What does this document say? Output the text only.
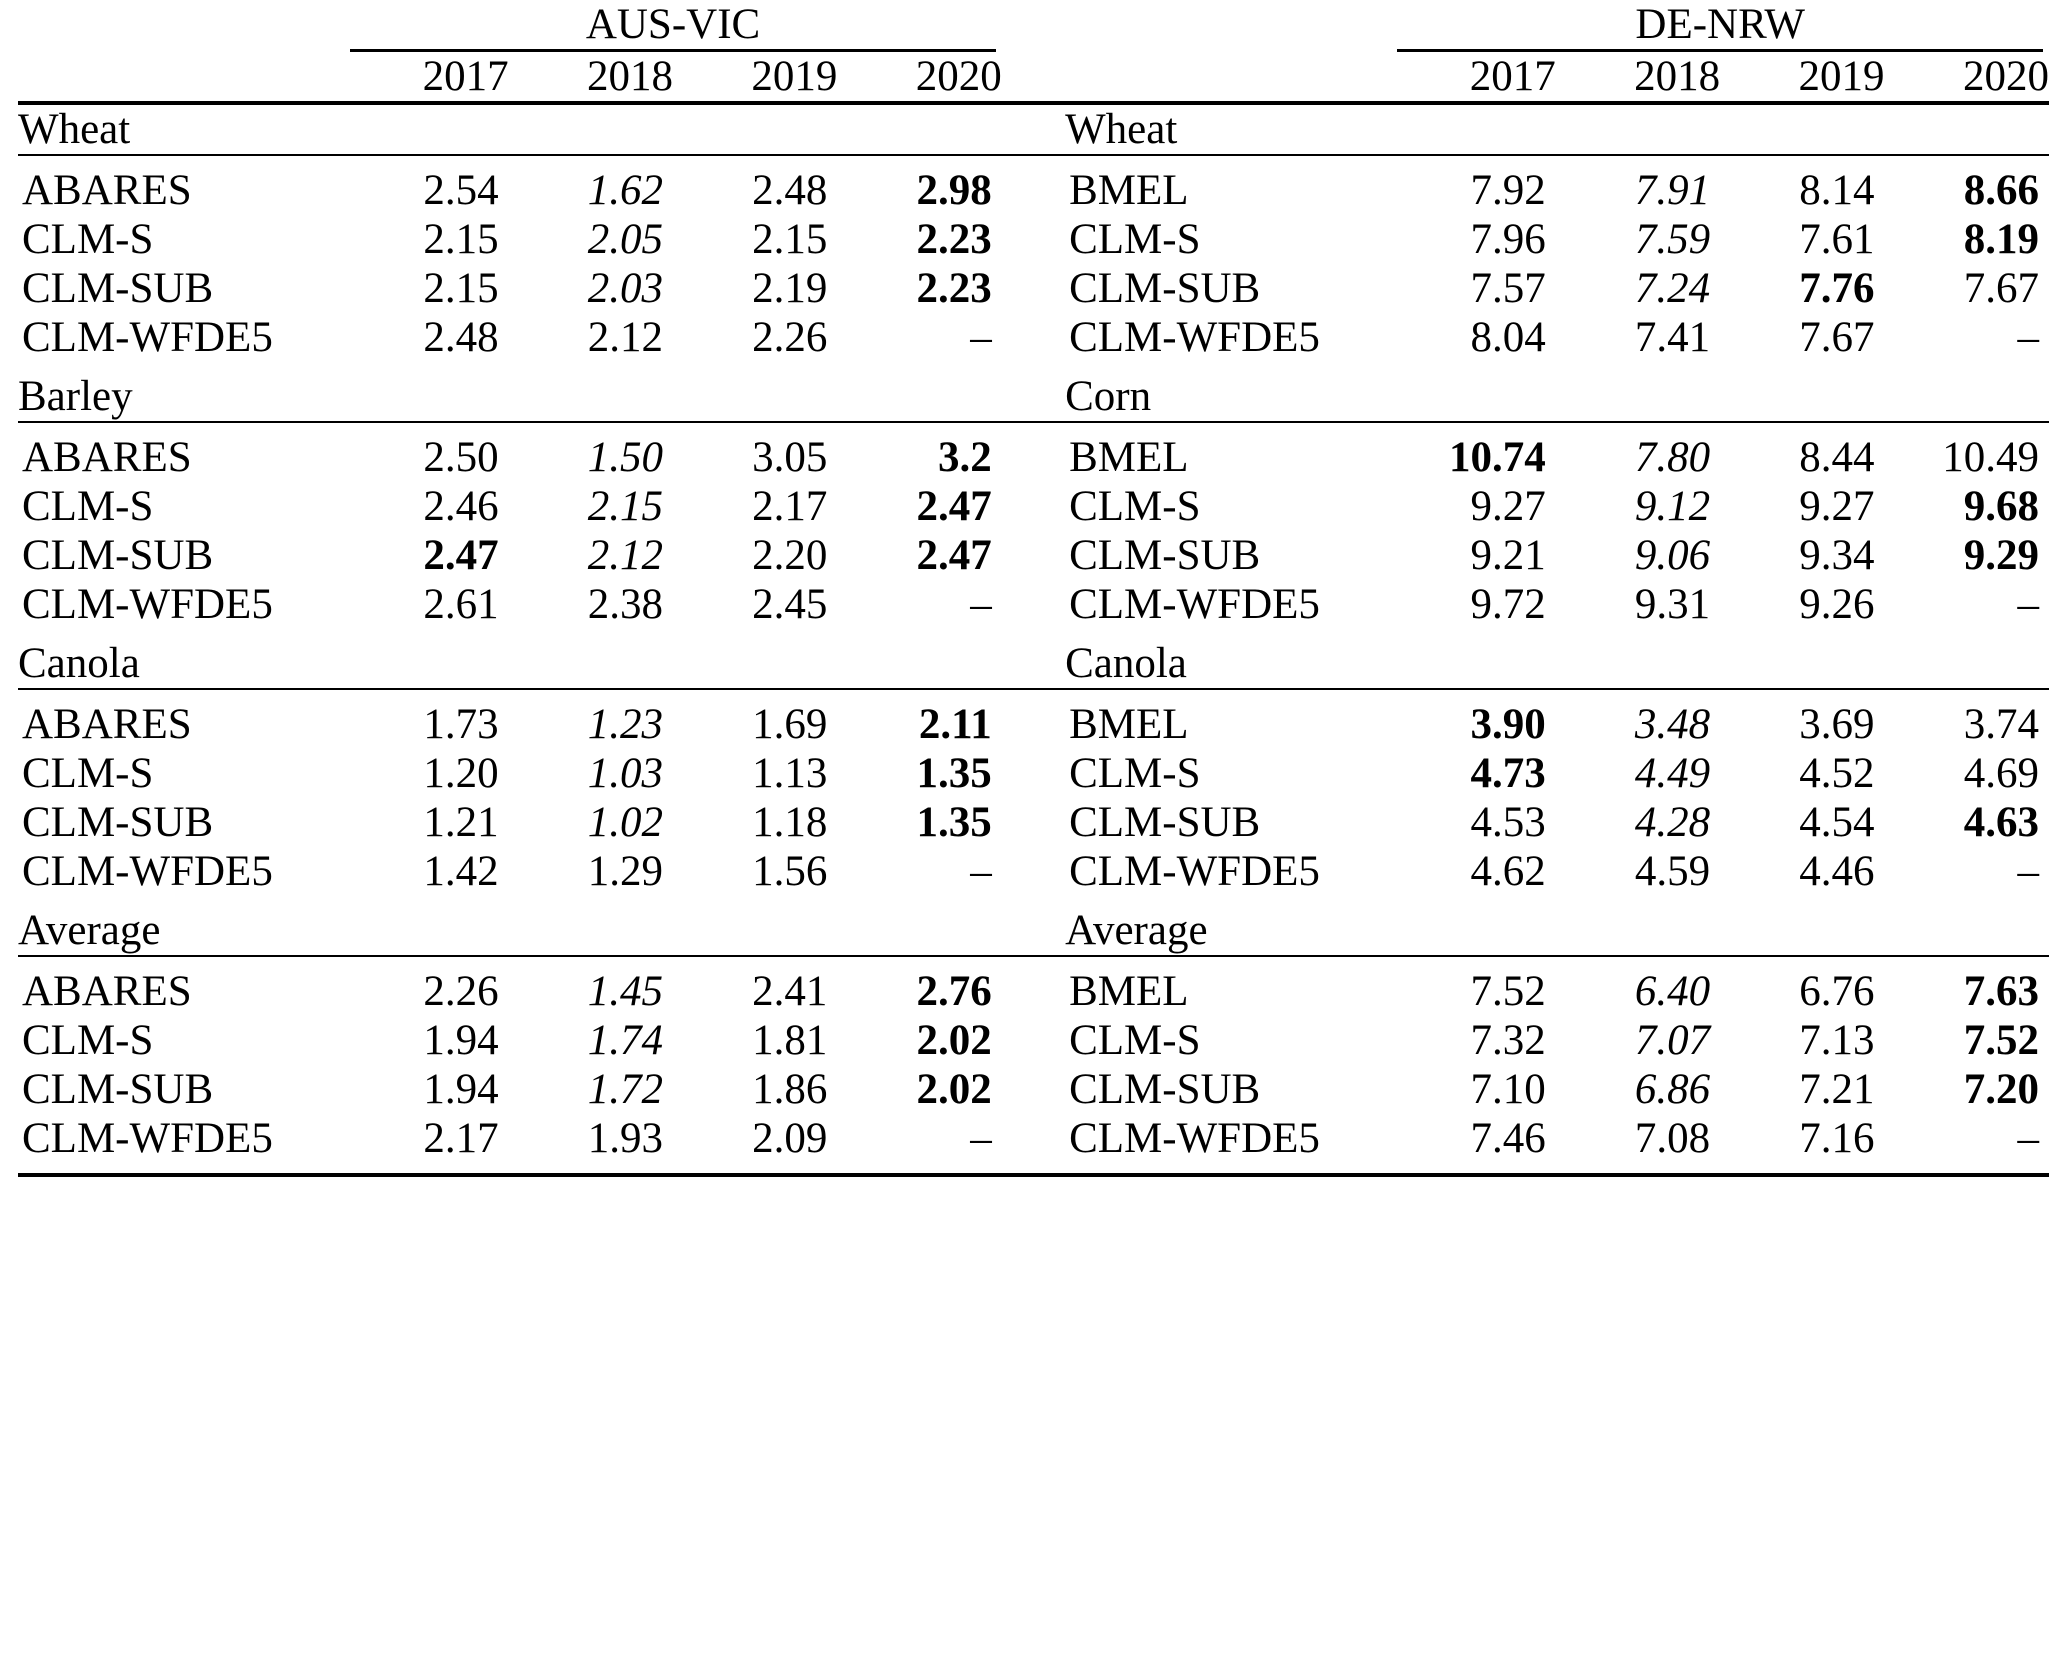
	AUS-VIC						DE-NRW			

	2017	2018	2019	2020			2017	2018	2019	2020

Wheat						Wheat				

ABARES	2.54	1.62	2.48	2.98		BMEL	7.92	7.91	8.14	8.66
CLM-S	2.15	2.05	2.15	2.23		CLM-S	7.96	7.59	7.61	8.19
CLM-SUB	2.15	2.03	2.19	2.23		CLM-SUB	7.57	7.24	7.76	7.67
CLM-WFDE5	2.48	2.12	2.26	–		CLM-WFDE5	8.04	7.41	7.67	–

Barley						Corn				

ABARES	2.50	1.50	3.05	3.2		BMEL	10.74	7.80	8.44	10.49
CLM-S	2.46	2.15	2.17	2.47		CLM-S	9.27	9.12	9.27	9.68
CLM-SUB	2.47	2.12	2.20	2.47		CLM-SUB	9.21	9.06	9.34	9.29
CLM-WFDE5	2.61	2.38	2.45	–		CLM-WFDE5	9.72	9.31	9.26	–

Canola						Canola				

ABARES	1.73	1.23	1.69	2.11		BMEL	3.90	3.48	3.69	3.74
CLM-S	1.20	1.03	1.13	1.35		CLM-S	4.73	4.49	4.52	4.69
CLM-SUB	1.21	1.02	1.18	1.35		CLM-SUB	4.53	4.28	4.54	4.63
CLM-WFDE5	1.42	1.29	1.56	–		CLM-WFDE5	4.62	4.59	4.46	–

Average						Average				

ABARES	2.26	1.45	2.41	2.76		BMEL	7.52	6.40	6.76	7.63
CLM-S	1.94	1.74	1.81	2.02		CLM-S	7.32	7.07	7.13	7.52
CLM-SUB	1.94	1.72	1.86	2.02		CLM-SUB	7.10	6.86	7.21	7.20
CLM-WFDE5	2.17	1.93	2.09	–		CLM-WFDE5	7.46	7.08	7.16	–
